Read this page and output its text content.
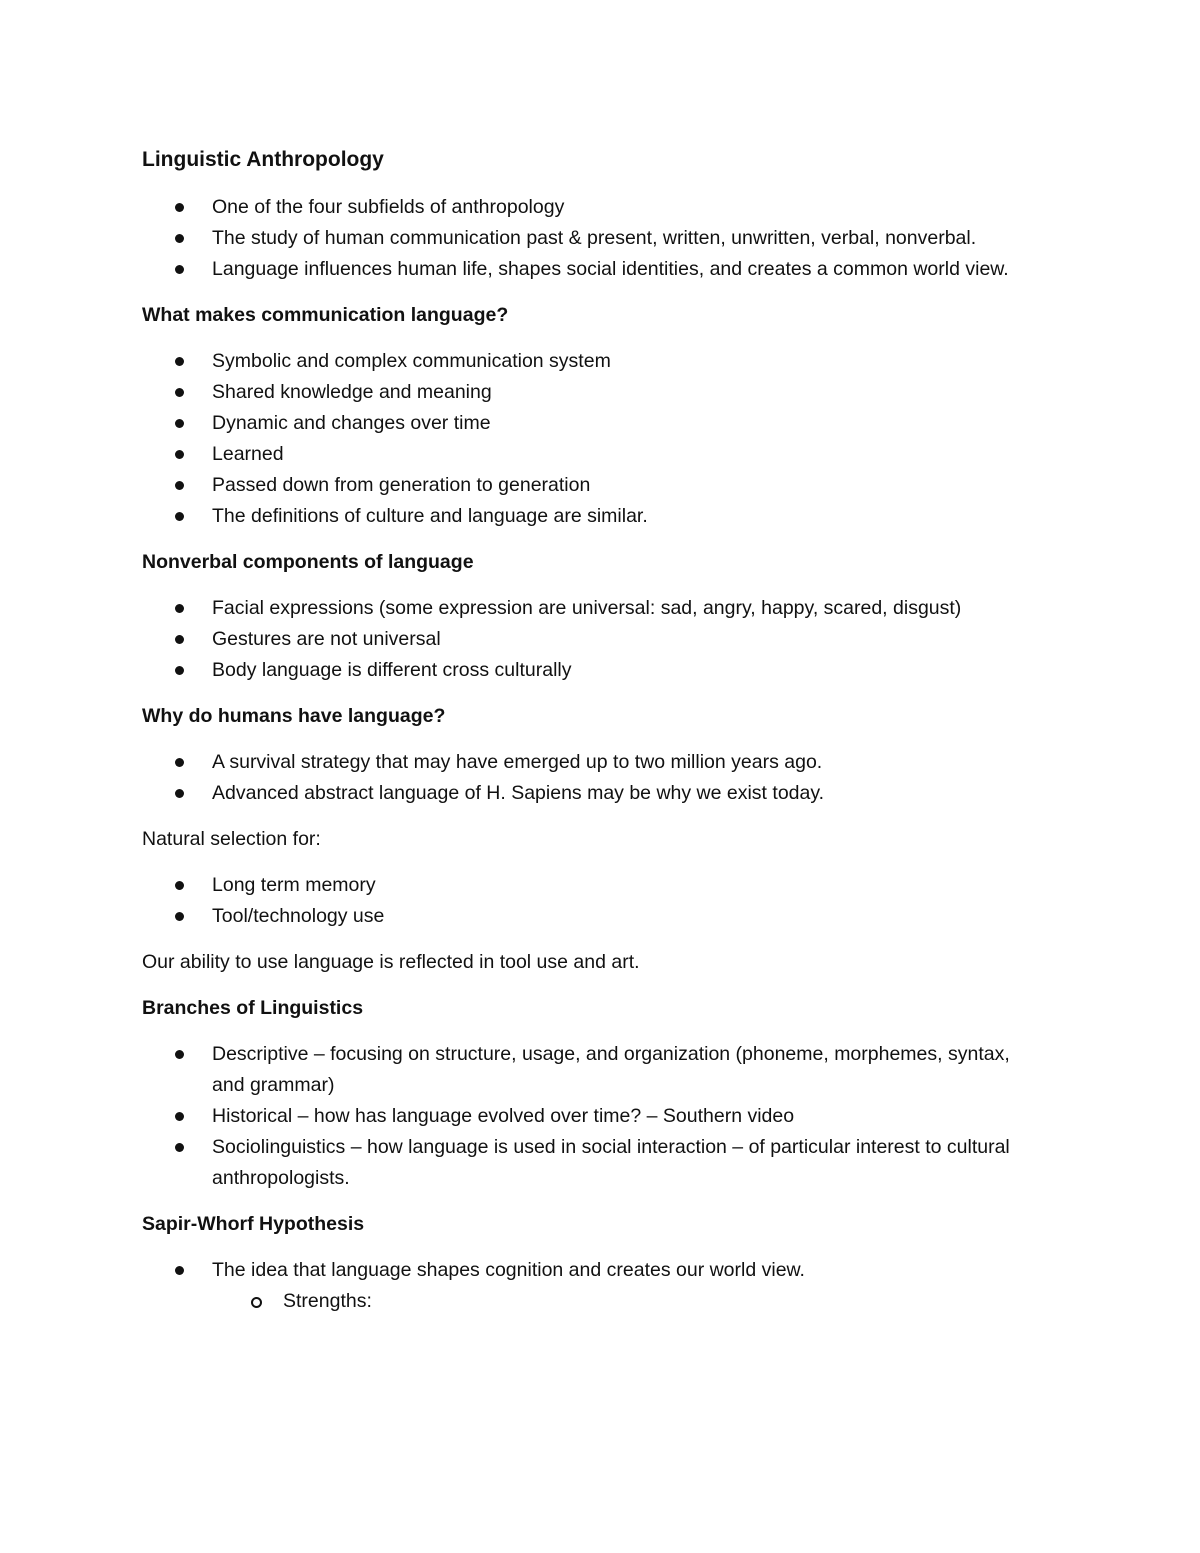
Linguistic Anthropology
One of the four subfields of anthropology
The study of human communication past & present, written, unwritten, verbal, nonverbal.
Language influences human life, shapes social identities, and creates a common world view.
What makes communication language?
Symbolic and complex communication system
Shared knowledge and meaning
Dynamic and changes over time
Learned
Passed down from generation to generation
The definitions of culture and language are similar.
Nonverbal components of language
Facial expressions (some expression are universal: sad, angry, happy, scared, disgust)
Gestures are not universal
Body language is different cross culturally
Why do humans have language?
A survival strategy that may have emerged up to two million years ago.
Advanced abstract language of H. Sapiens may be why we exist today.
Natural selection for:
Long term memory
Tool/technology use
Our ability to use language is reflected in tool use and art.
Branches of Linguistics
Descriptive – focusing on structure, usage, and organization (phoneme, morphemes, syntax, and grammar)
Historical – how has language evolved over time? – Southern video
Sociolinguistics – how language is used in social interaction – of particular interest to cultural anthropologists.
Sapir-Whorf Hypothesis
The idea that language shapes cognition and creates our world view.
Strengths:
